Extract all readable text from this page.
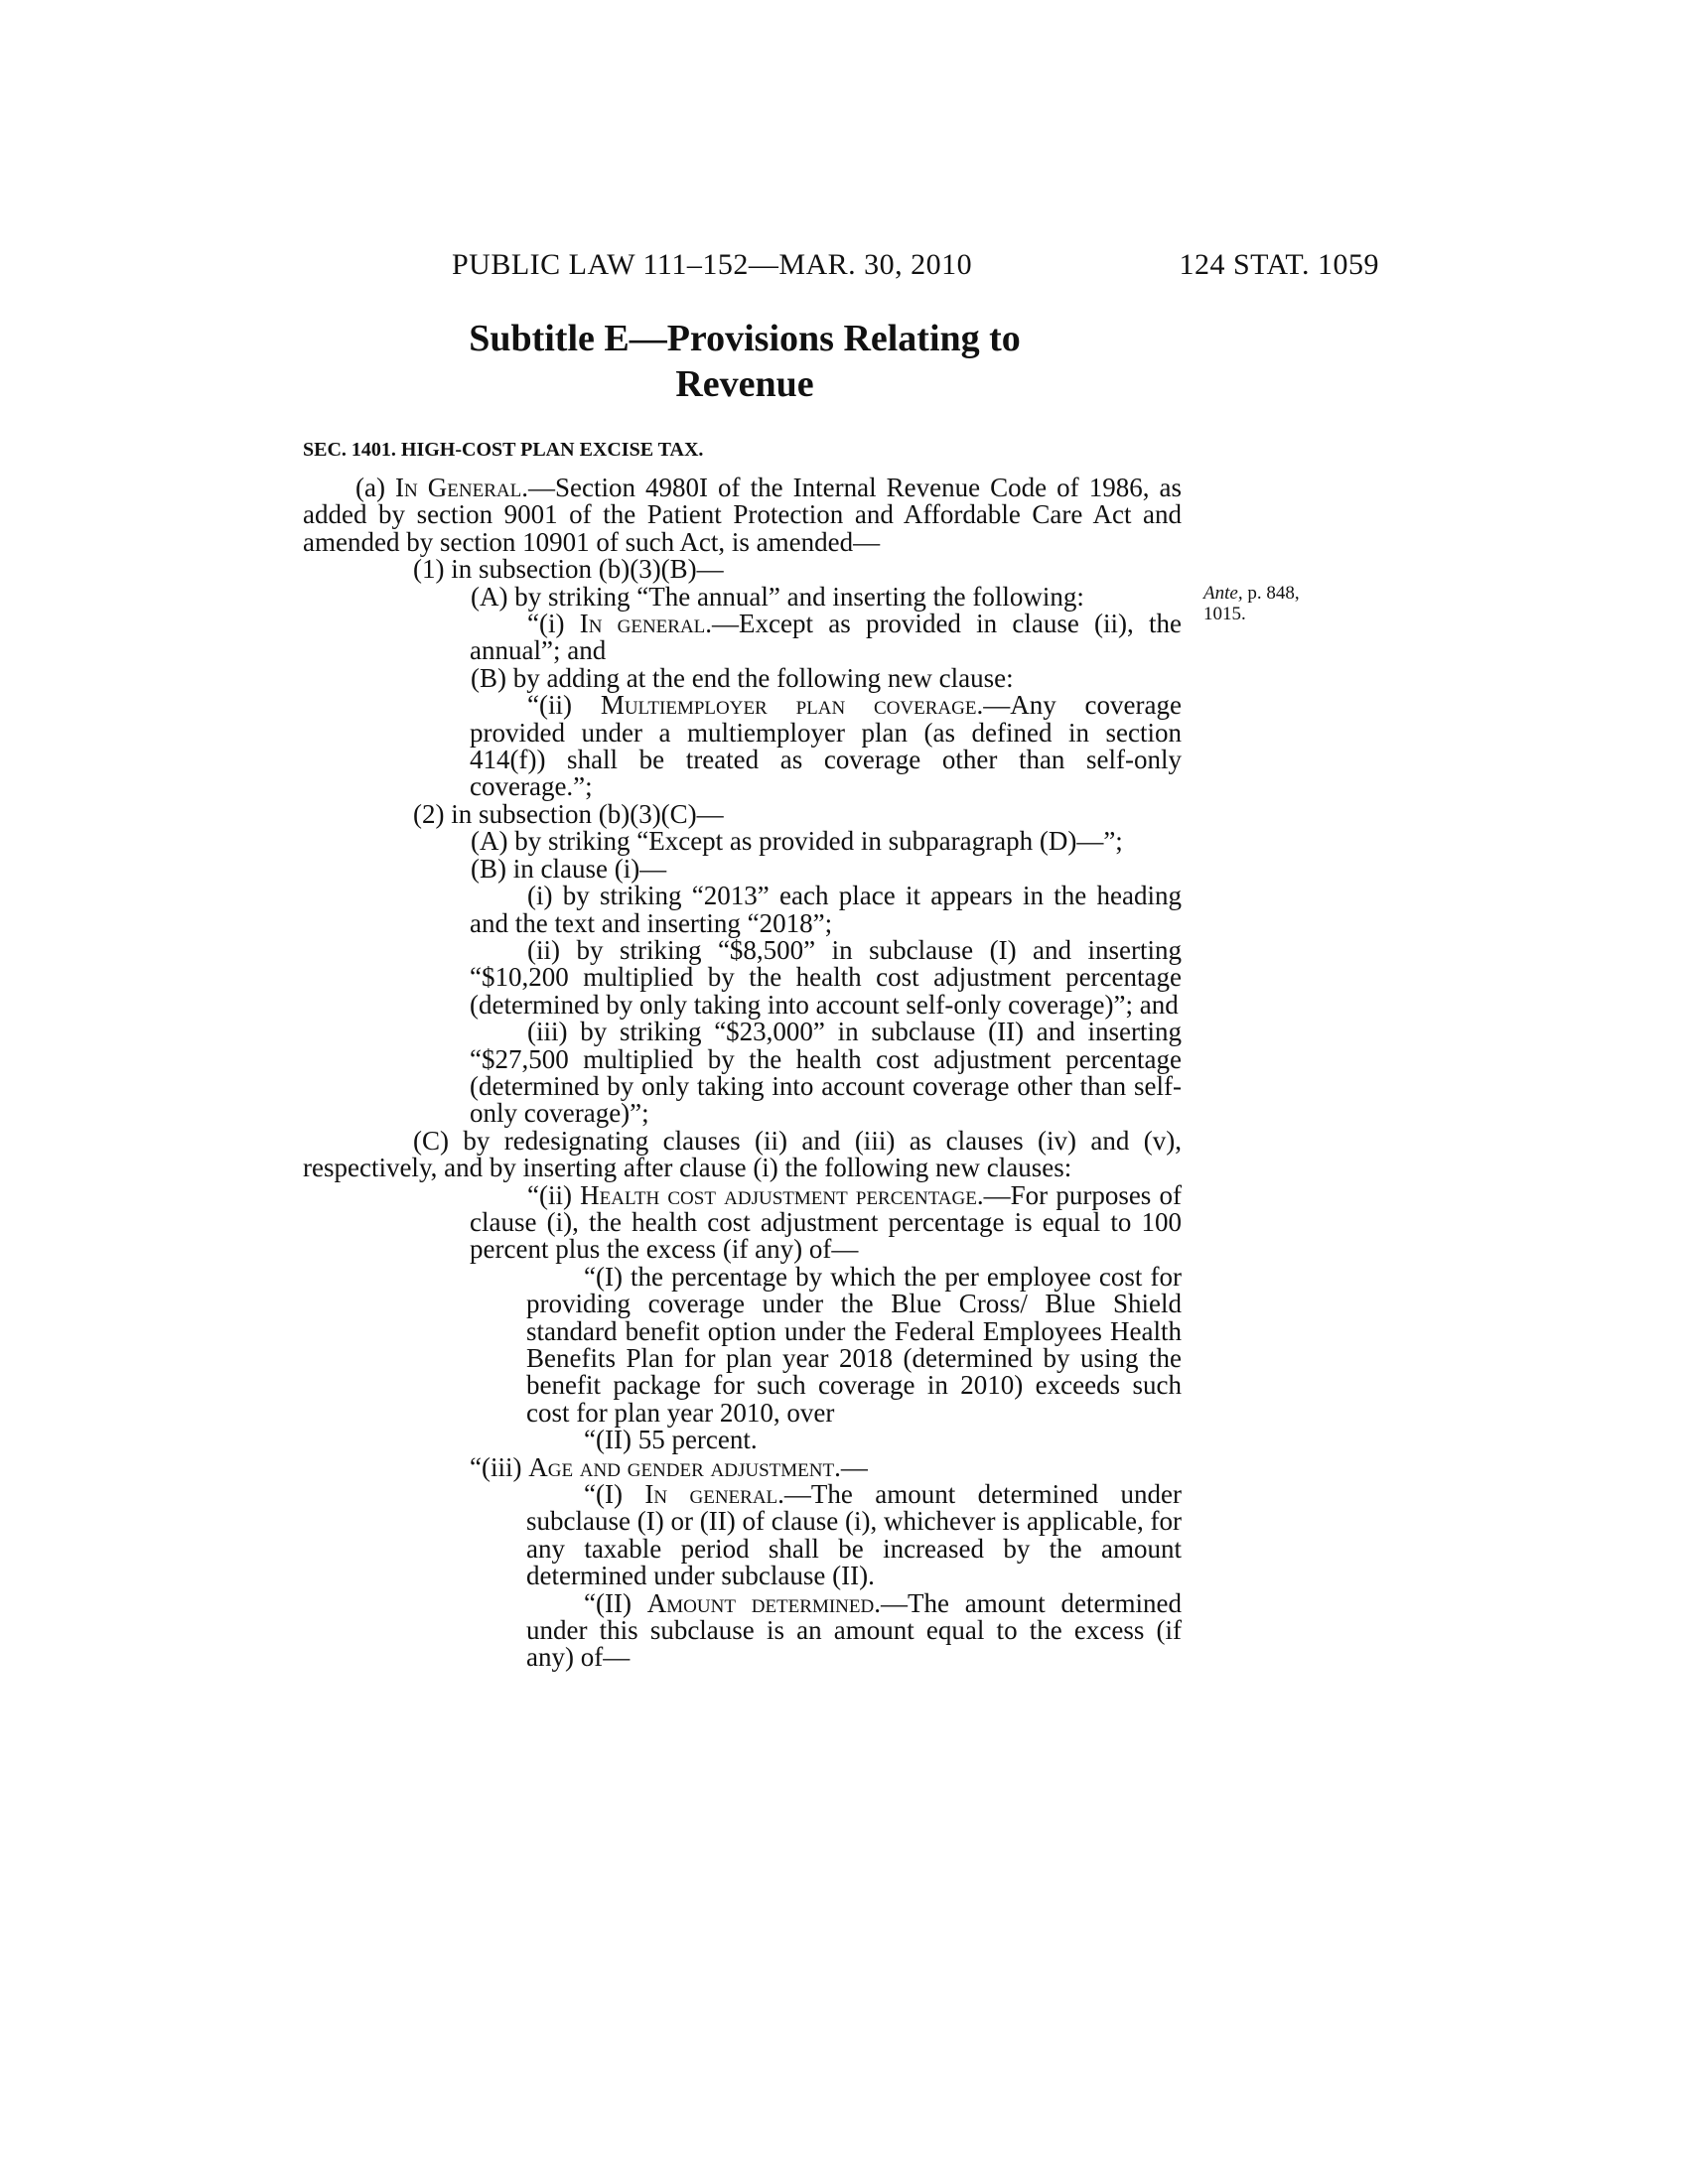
PUBLIC LAW 111–152—MAR. 30, 2010	124 STAT. 1059
Subtitle E—Provisions Relating to
Revenue
SEC. 1401. HIGH-COST PLAN EXCISE TAX.
Ante, p. 848,
1015.

(a) In General.—Section 4980I of the Internal Revenue Code of 1986, as added by section 9001 of the Patient Protection and Affordable Care Act and amended by section 10901 of such Act, is amended—

(1) in subsection (b)(3)(B)—

(A) by striking “The annual” and inserting the following:

“(i) In general.—Except as provided in clause (ii), the annual”; and

(B) by adding at the end the following new clause:

“(ii) Multiemployer plan coverage.—Any coverage provided under a multiemployer plan (as defined in section 414(f)) shall be treated as coverage other than self-only coverage.”;

(2) in subsection (b)(3)(C)—

(A) by striking “Except as provided in subparagraph (D)—”;

(B) in clause (i)—

(i) by striking “2013” each place it appears in the heading and the text and inserting “2018”;

(ii) by striking “$8,500” in subclause (I) and inserting “$10,200 multiplied by the health cost adjustment percentage (determined by only taking into account self-only coverage)”; and

(iii) by striking “$23,000” in subclause (II) and inserting “$27,500 multiplied by the health cost adjustment percentage (determined by only taking into account coverage other than self-only coverage)”;

(C) by redesignating clauses (ii) and (iii) as clauses (iv) and (v), respectively, and by inserting after clause (i) the following new clauses:

“(ii) Health cost adjustment percentage.—For purposes of clause (i), the health cost adjustment percentage is equal to 100 percent plus the excess (if any) of—

“(I) the percentage by which the per employee cost for providing coverage under the Blue Cross/ Blue Shield standard benefit option under the Federal Employees Health Benefits Plan for plan year 2018 (determined by using the benefit package for such coverage in 2010) exceeds such cost for plan year 2010, over

“(II) 55 percent.

“(iii) Age and gender adjustment.—

“(I) In general.—The amount determined under subclause (I) or (II) of clause (i), whichever is applicable, for any taxable period shall be increased by the amount determined under subclause (II).

“(II) Amount determined.—The amount determined under this subclause is an amount equal to the excess (if any) of—
